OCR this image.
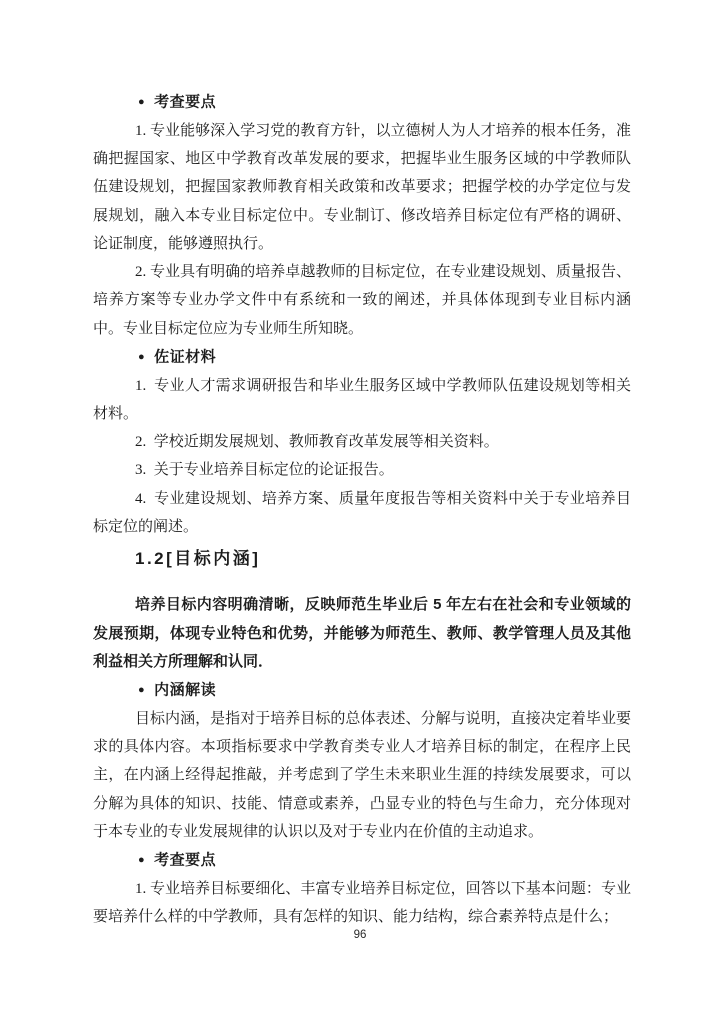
● 考查要点

1. 专业能够深入学习党的教育方针，以立德树人为人才培养的根本任务，准确把握国家、地区中学教育改革发展的要求，把握毕业生服务区域的中学教师队伍建设规划，把握国家教师教育相关政策和改革要求；把握学校的办学定位与发展规划，融入本专业目标定位中。专业制订、修改培养目标定位有严格的调研、论证制度，能够遵照执行。

2. 专业具有明确的培养卓越教师的目标定位，在专业建设规划、质量报告、培养方案等专业办学文件中有系统和一致的阐述，并具体体现到专业目标内涵中。专业目标定位应为专业师生所知晓。

● 佐证材料

1. 专业人才需求调研报告和毕业生服务区域中学教师队伍建设规划等相关材料。

2. 学校近期发展规划、教师教育改革发展等相关资料。

3. 关于专业培养目标定位的论证报告。

4. 专业建设规划、培养方案、质量年度报告等相关资料中关于专业培养目标定位的阐述。

1.2[目标内涵]

培养目标内容明确清晰，反映师范生毕业后 5 年左右在社会和专业领域的发展预期，体现专业特色和优势，并能够为师范生、教师、教学管理人员及其他利益相关方所理解和认同．

● 内涵解读

目标内涵，是指对于培养目标的总体表述、分解与说明，直接决定着毕业要求的具体内容。本项指标要求中学教育类专业人才培养目标的制定，在程序上民主，在内涵上经得起推敲，并考虑到了学生未来职业生涯的持续发展要求，可以分解为具体的知识、技能、情意或素养，凸显专业的特色与生命力，充分体现对于本专业的专业发展规律的认识以及对于专业内在价值的主动追求。

● 考查要点

1. 专业培养目标要细化、丰富专业培养目标定位，回答以下基本问题：专业要培养什么样的中学教师，具有怎样的知识、能力结构，综合素养特点是什么；

96
